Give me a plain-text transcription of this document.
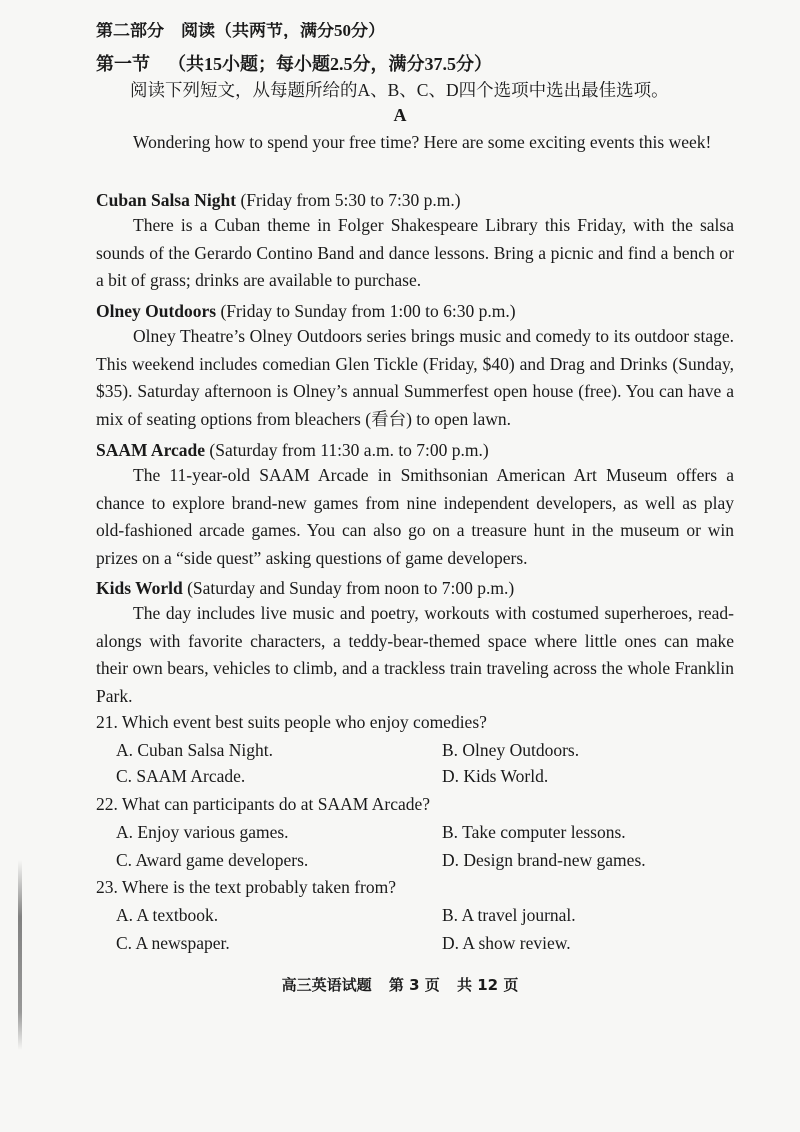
第二部分　阅读（共两节，满分50分）
第一节 （共15小题；每小题2.5分，满分37.5分）
阅读下列短文，从每题所给的A、B、C、D四个选项中选出最佳选项。
A
Wondering how to spend your free time? Here are some exciting events this week!
Cuban Salsa Night (Friday from 5:30 to 7:30 p.m.)
There is a Cuban theme in Folger Shakespeare Library this Friday, with the salsa sounds of the Gerardo Contino Band and dance lessons. Bring a picnic and find a bench or a bit of grass; drinks are available to purchase.
Olney Outdoors (Friday to Sunday from 1:00 to 6:30 p.m.)
Olney Theatre’s Olney Outdoors series brings music and comedy to its outdoor stage. This weekend includes comedian Glen Tickle (Friday, $40) and Drag and Drinks (Sunday, $35). Saturday afternoon is Olney’s annual Summerfest open house (free). You can have a mix of seating options from bleachers (看台) to open lawn.
SAAM Arcade (Saturday from 11:30 a.m. to 7:00 p.m.)
The 11-year-old SAAM Arcade in Smithsonian American Art Museum offers a chance to explore brand-new games from nine independent developers, as well as play old-fashioned arcade games. You can also go on a treasure hunt in the museum or win prizes on a “side quest” asking questions of game developers.
Kids World (Saturday and Sunday from noon to 7:00 p.m.)
The day includes live music and poetry, workouts with costumed superheroes, read-alongs with favorite characters, a teddy-bear-themed space where little ones can make their own bears, vehicles to climb, and a trackless train traveling across the whole Franklin Park.
21. Which event best suits people who enjoy comedies?
A. Cuban Salsa Night.	B. Olney Outdoors.
C. SAAM Arcade.	D. Kids World.
22. What can participants do at SAAM Arcade?
A. Enjoy various games.	B. Take computer lessons.
C. Award game developers.	D. Design brand-new games.
23. Where is the text probably taken from?
A. A textbook.	B. A travel journal.
C. A newspaper.	D. A show review.
高三英语试题 第 3 页 共 12 页
